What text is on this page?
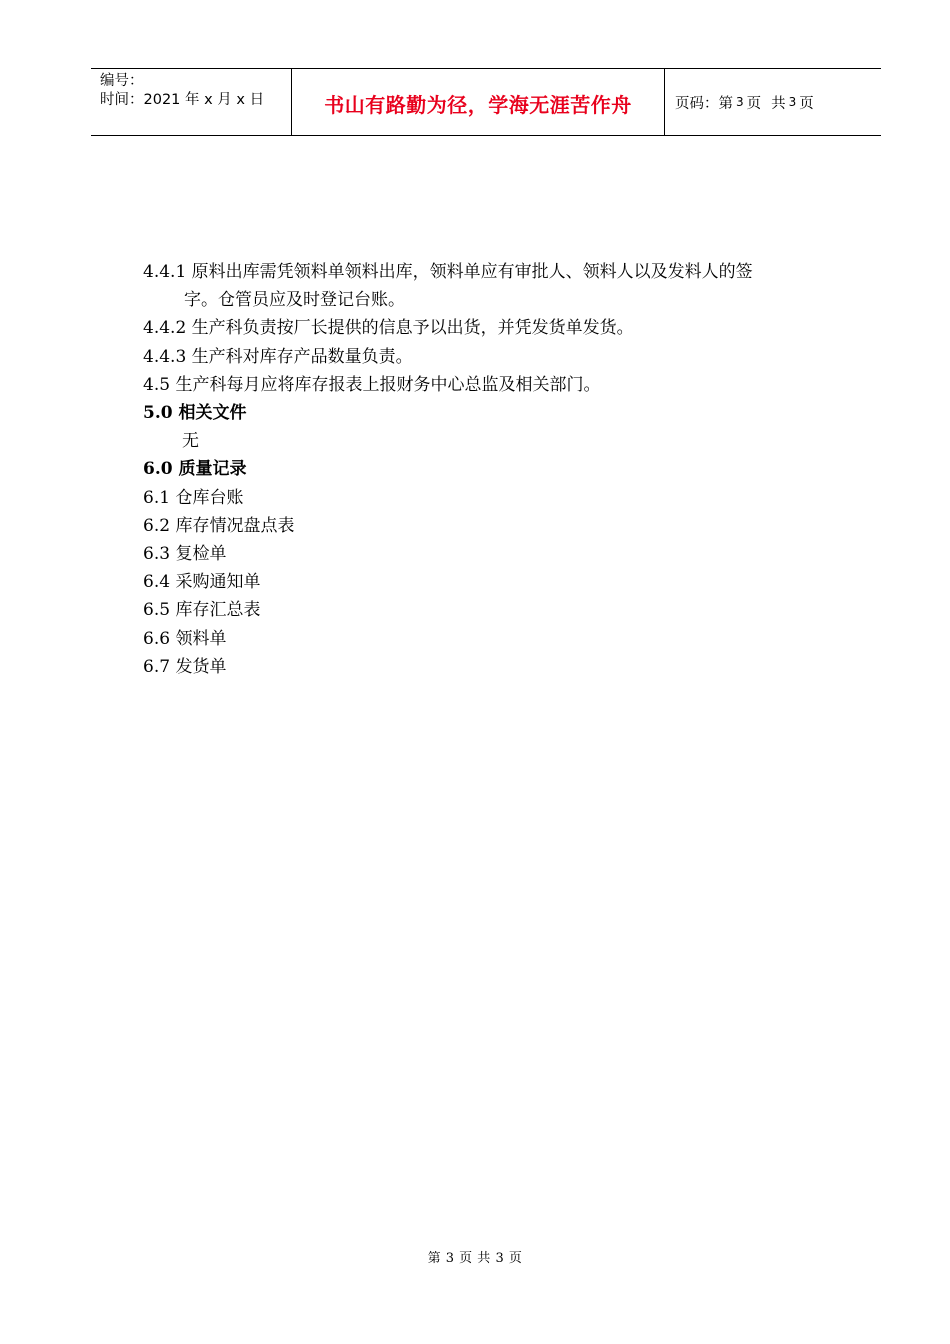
编号：
时间：2021 年 x 月 x 日	书山有路勤为径，学海无涯苦作舟	页码：第 3 页 共 3 页
4.4.1 原料出库需凭领料单领料出库，领料单应有审批人、领料人以及发料人的签
字。仓管员应及时登记台账。
4.4.2 生产科负责按厂长提供的信息予以出货，并凭发货单发货。
4.4.3 生产科对库存产品数量负责。
4.5 生产科每月应将库存报表上报财务中心总监及相关部门。
5.0 相关文件
无
6.0 质量记录
6.1 仓库台账
6.2 库存情况盘点表
6.3 复检单
6.4 采购通知单
6.5 库存汇总表
6.6 领料单
6.7 发货单
第 3 页 共 3 页
